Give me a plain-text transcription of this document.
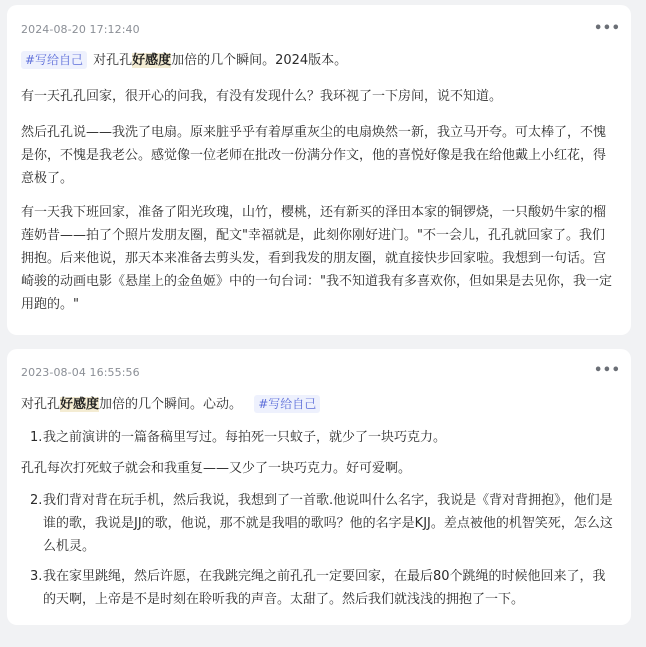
2024-08-20 17:12:40	•••
#写给自己 对孔孔好感度加倍的几个瞬间。2024版本。
有一天孔孔回家，很开心的问我，有没有发现什么？我环视了一下房间，说不知道。
然后孔孔说——我洗了电扇。原来脏乎乎有着厚重灰尘的电扇焕然一新，我立马开夸。可太棒了，不愧是你，不愧是我老公。感觉像一位老师在批改一份满分作文，他的喜悦好像是我在给他戴上小红花，得意极了。
有一天我下班回家，准备了阳光玫瑰，山竹，樱桃，还有新买的泽田本家的铜锣烧，一只酸奶牛家的榴莲奶昔——拍了个照片发朋友圈，配文"幸福就是，此刻你刚好进门。"不一会儿，孔孔就回家了。我们拥抱。后来他说，那天本来准备去剪头发，看到我发的朋友圈，就直接快步回家啦。我想到一句话。宫崎骏的动画电影《悬崖上的金鱼姬》中的一句台词："我不知道我有多喜欢你，但如果是去见你，我一定用跑的。"
2023-08-04 16:55:56	•••
对孔孔好感度加倍的几个瞬间。心动。 #写给自己
1. 我之前演讲的一篇备稿里写过。每拍死一只蚊子，就少了一块巧克力。
孔孔每次打死蚊子就会和我重复——又少了一块巧克力。好可爱啊。
2. 我们背对背在玩手机，然后我说，我想到了一首歌.他说叫什么名字，我说是《背对背拥抱》，他们是谁的歌，我说是JJ的歌，他说，那不就是我唱的歌吗？他的名字是KJJ。差点被他的机智笑死，怎么这么机灵。
3. 我在家里跳绳，然后许愿，在我跳完绳之前孔孔一定要回家，在最后80个跳绳的时候他回来了，我的天啊，上帝是不是时刻在聆听我的声音。太甜了。然后我们就浅浅的拥抱了一下。
